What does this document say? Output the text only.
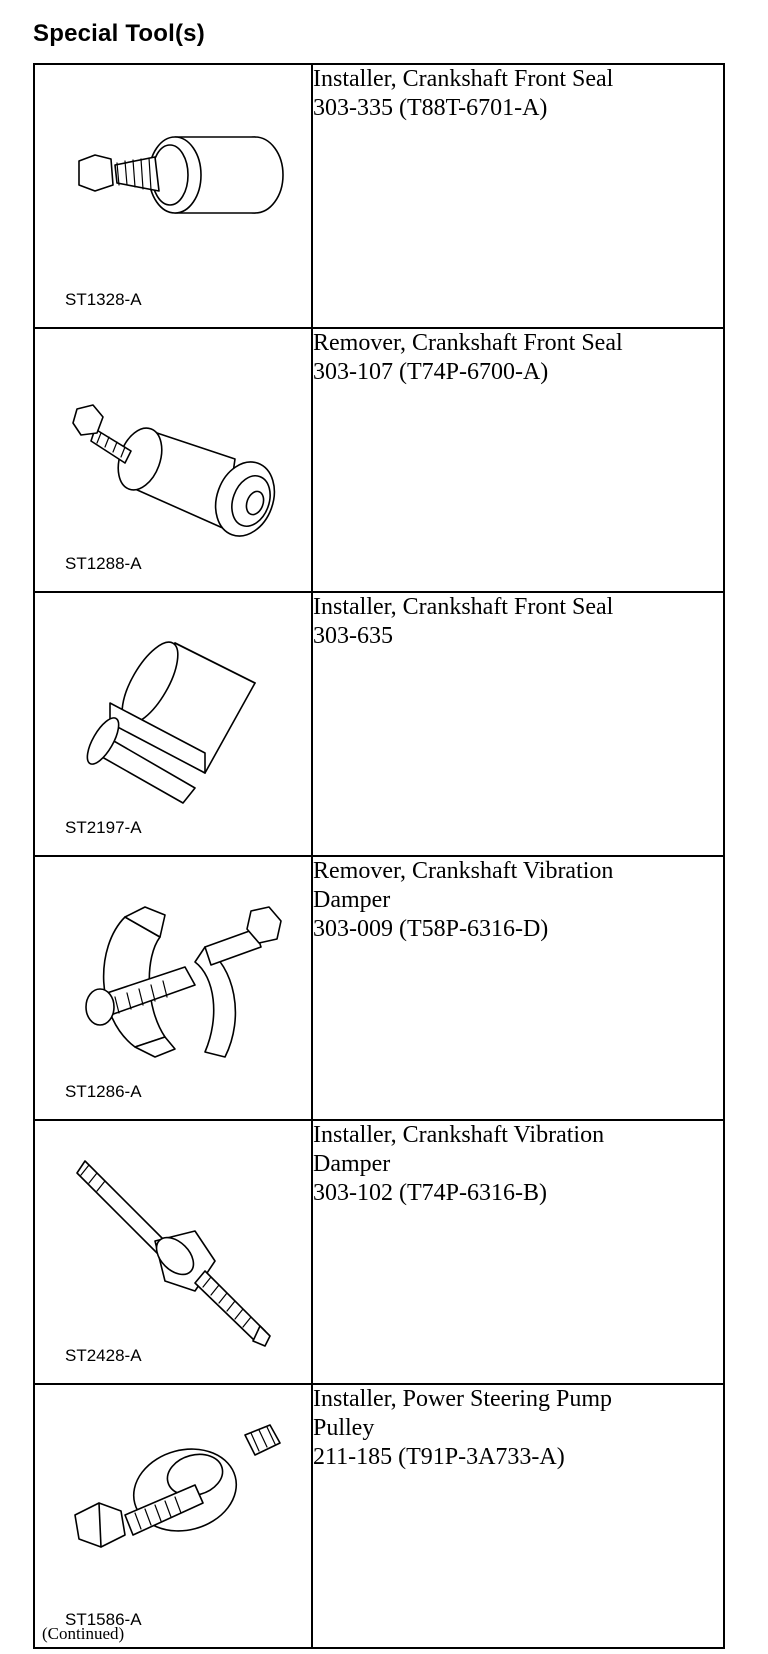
Special Tool(s)
ST1328-A	Installer, Crankshaft Front Seal
303-335 (T88T-6701-A)

ST1288-A	Remover, Crankshaft Front Seal
303-107 (T74P-6700-A)

ST2197-A	Installer, Crankshaft Front Seal
303-635

ST1286-A	Remover, Crankshaft Vibration
Damper
303-009 (T58P-6316-D)

ST2428-A	Installer, Crankshaft Vibration
Damper
303-102 (T74P-6316-B)

ST1586-A	Installer, Power Steering Pump
Pulley
211-185 (T91P-3A733-A)
(Continued)
